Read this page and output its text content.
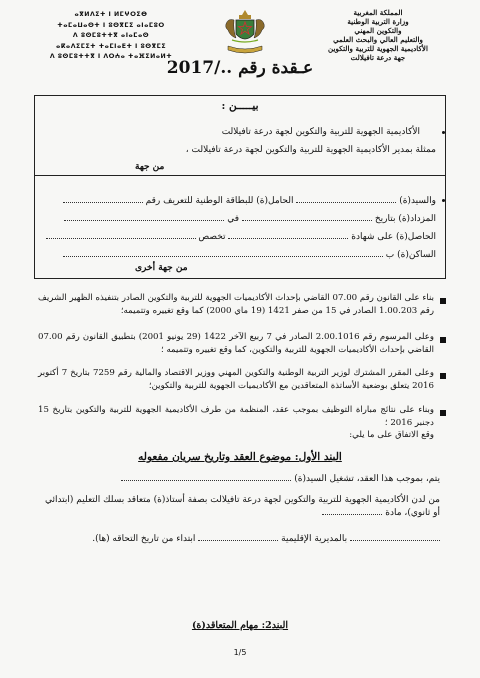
المملكة المغربية
وزارة التربية الوطنية
والتكوين المهني
والتعليم العالي والبحث العلمي
الأكاديمية الجهوية للتربية والتكوين
جهة درعة تافيلالت
ⴰⴳⵍⴷⵉⵜ ⵏ ⵍⵎⵖⵔⵉⴱ
ⵜⴰⵎⴰⵡⴰⵙⵜ ⵏ ⵓⵙⴳⵎⵉ ⴰⵏⴰⵎⵓⵔ
ⴷ ⵓⵙⵎⵓⵜⵜⴳ ⴰⵏⴰⵎⴰⵙ
ⴰⴽⴰⴷⵉⵎⵉⵜ ⵜⴰⵎⵏⴰⴹⵜ ⵏ ⵓⵙⴳⵎⵉ
ⴷ ⵓⵙⵎⵓⵜⵜⴳ ⵏ ⴷⵔⵄⴰ ⵜⴰⴼⵉⵍⴰⵍⵜ
عـقدة رقم ../2017
بيـــــن :
الأكاديمية الجهوية للتربية والتكوين لجهة درعة تافيلالت
ممثلة بمدير الأكاديمية الجهوية للتربية والتكوين لجهة درعة تافيلالت ،
من جهة
والسيد(ة)  الحامل(ة) للبطاقة الوطنية للتعريف رقم
المزداد(ة) بتاريخ  في
الحاصل(ة) على شهادة  تخصص
الساكن(ة) ب
من جهة أخرى
بناء على القانون رقم 07.00 القاضي بإحداث الأكاديميات الجهوية للتربية والتكوين الصادر بتنفيذه الظهير الشريف رقم 1.00.203 الصادر في 15 من صفر 1421 (19 ماي 2000) كما وقع تغييره وتتميمه؛
وعلى المرسوم رقم 2.00.1016 الصادر في 7 ربيع الآخر 1422 (29 يونيو 2001) بتطبيق القانون رقم 07.00 القاضي بإحداث الأكاديميات الجهوية للتربية والتكوين، كما وقع تغييره وتتميمه ؛
وعلى المقرر المشترك لوزير التربية الوطنية والتكوين المهني ووزير الاقتصاد والمالية رقم 7259 بتاريخ 7 أكتوبر 2016 يتعلق بوضعية الأساتذة المتعاقدين مع الأكاديميات الجهوية للتربية والتكوين؛
وبناء على نتائج مباراة التوظيف بموجب عقد، المنظمة من طرف الأكاديمية الجهوية للتربية والتكوين بتاريخ 15 دجنبر 2016 ؛
وقع الاتفاق على ما يلي:
البند الأول: موضوع العقد وتاريخ سريان مفعوله
يتم، بموجب هذا العقد، تشغيل السيد(ة)
من لدن الأكاديمية الجهوية للتربية والتكوين لجهة درعة تافيلالت بصفة أستاذ(ة) متعاقد بسلك التعليم (ابتدائي أو ثانوي)، مادة
بالمديرية الإقليمية  ابتداء من تاريخ التحاقه (ها).
البند2: مهام المتعاقد(ة)
1/5
